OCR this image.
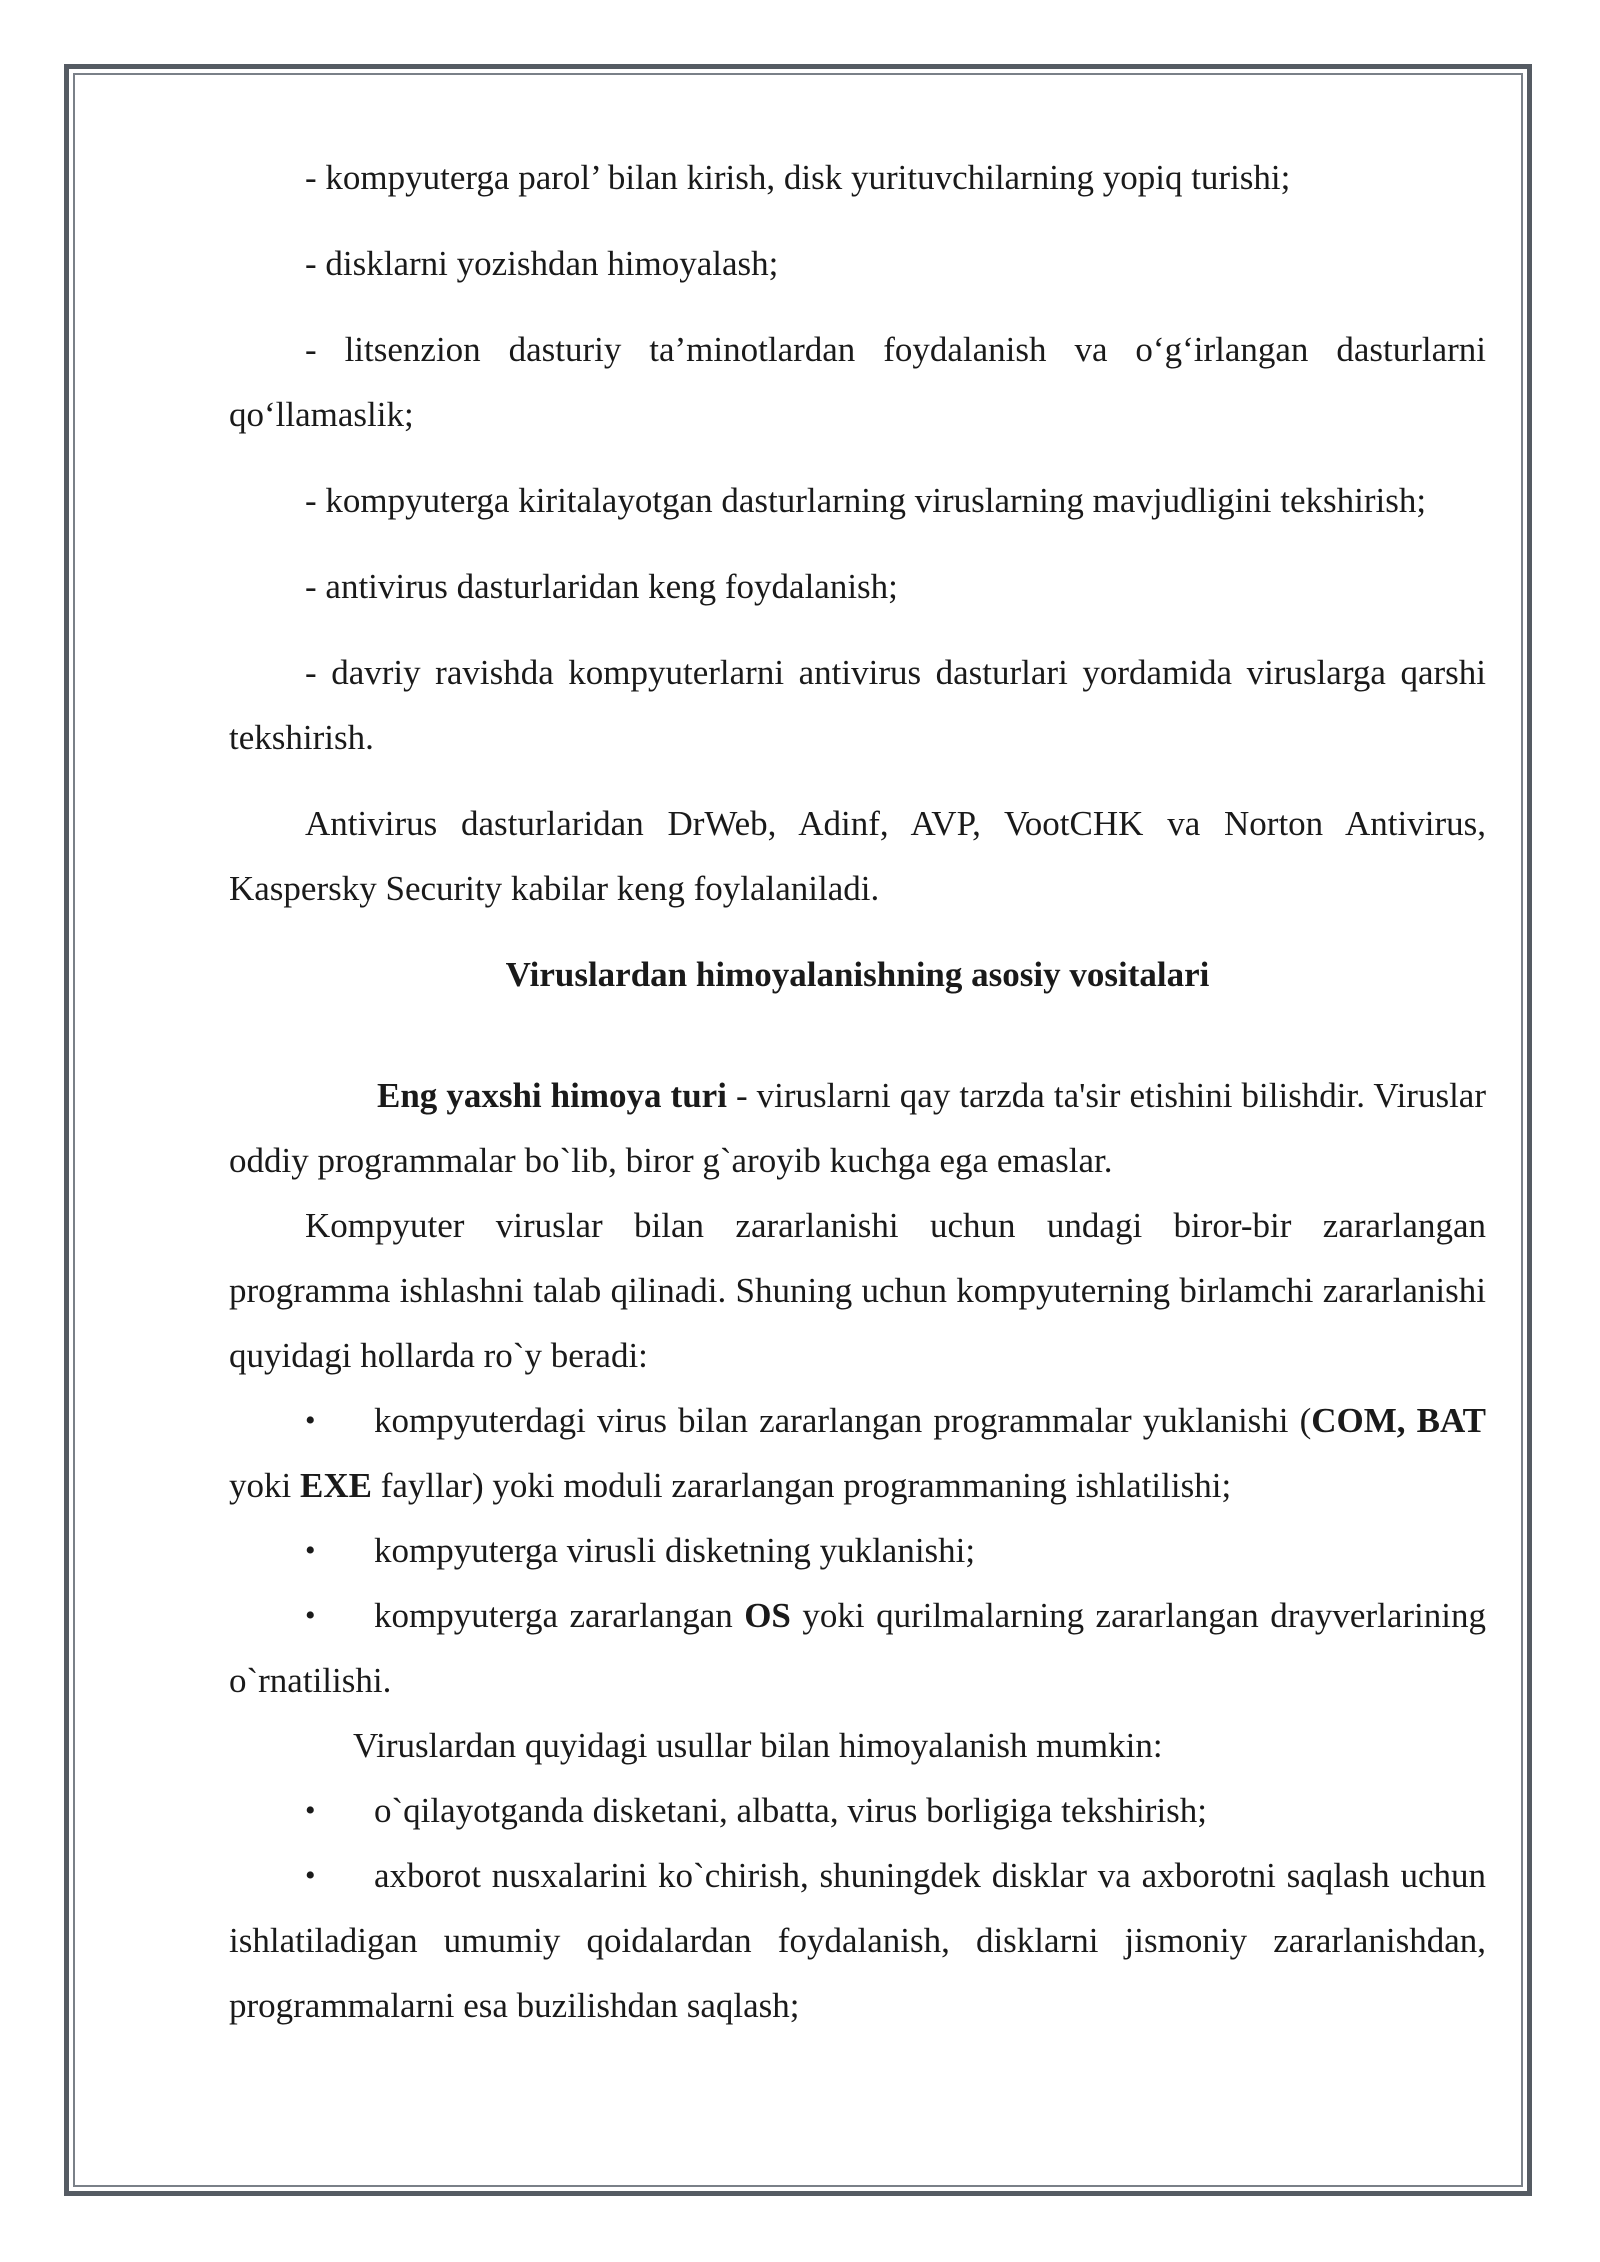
- kompyuterga parol’ bilan kirish, disk yurituvchilarning yopiq turishi;

- disklarni yozishdan himoyalash;

- litsenzion dasturiy ta’minotlardan foydalanish va o‘g‘irlangan dasturlarni qo‘llamaslik;

- kompyuterga kiritalayotgan dasturlarning viruslarning mavjudligini tekshirish;

- antivirus dasturlaridan keng foydalanish;

- davriy ravishda kompyuterlarni antivirus dasturlari yordamida viruslarga qarshi tekshirish.

Antivirus dasturlaridan DrWeb, Adinf, AVP, VootCHK va Norton Antivirus, Kaspersky Security kabilar keng foylalaniladi.

Viruslardan himoyalanishning asosiy vositalari

Eng yaxshi himoya turi - viruslarni qay tarzda ta'sir etishini bilishdir. Viruslar oddiy programmalar bo`lib, biror g`aroyib kuchga ega emaslar.

Kompyuter viruslar bilan zararlanishi uchun undagi biror-bir zararlangan programma ishlashni talab qilinadi. Shuning uchun kompyuterning birlamchi zararlanishi quyidagi hollarda ro`y beradi:

• kompyuterdagi virus bilan zararlangan programmalar yuklanishi (COM, BAT yoki EXE fayllar) yoki moduli zararlangan programmaning ishlatilishi;

• kompyuterga virusli disketning yuklanishi;

• kompyuterga zararlangan OS yoki qurilmalarning zararlangan drayverlarining o`rnatilishi.

Viruslardan quyidagi usullar bilan himoyalanish mumkin:

• o`qilayotganda disketani, albatta, virus borligiga tekshirish;

• axborot nusxalarini ko`chirish, shuningdek disklar va axborotni saqlash uchun ishlatiladigan umumiy qoidalardan foydalanish, disklarni jismoniy zararlanishdan, programmalarni esa buzilishdan saqlash;
